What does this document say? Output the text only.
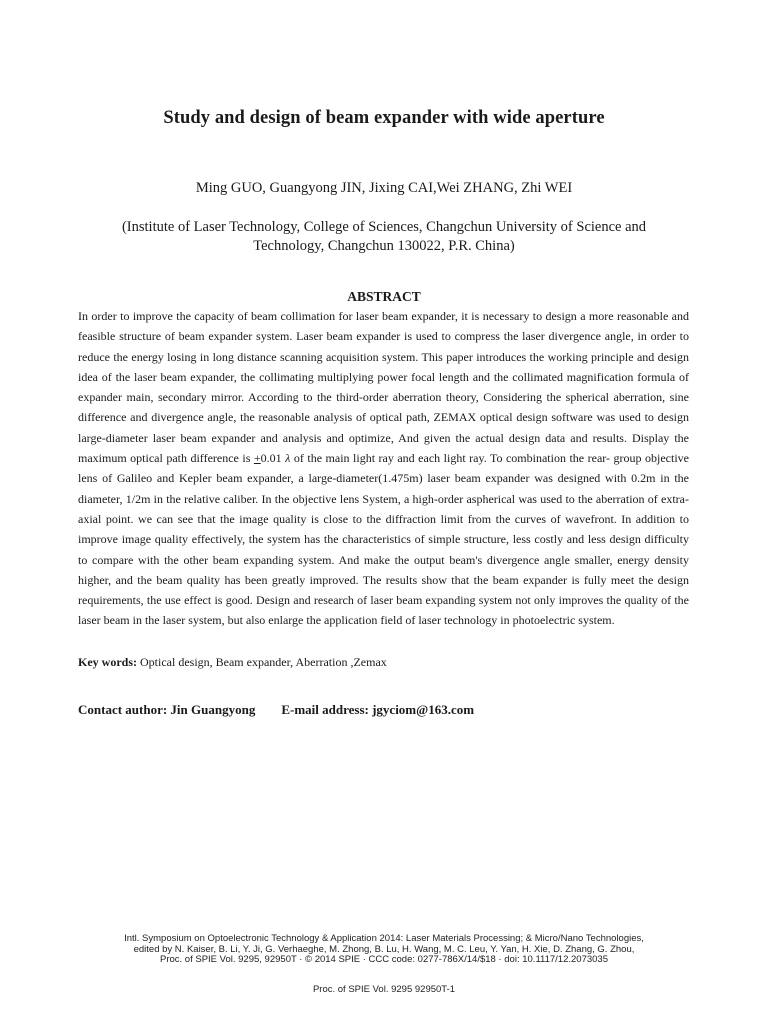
Study and design of beam expander with wide aperture
Ming GUO, Guangyong JIN, Jixing CAI,Wei ZHANG, Zhi WEI
(Institute of Laser Technology, College of Sciences, Changchun University of Science and Technology, Changchun 130022, P.R. China)
ABSTRACT
In order to improve the capacity of beam collimation for laser beam expander, it is necessary to design a more reasonable and feasible structure of beam expander system. Laser beam expander is used to compress the laser divergence angle, in order to reduce the energy losing in long distance scanning acquisition system. This paper introduces the working principle and design idea of the laser beam expander, the collimating multiplying power focal length and the collimated magnification formula of expander main, secondary mirror. According to the third-order aberration theory, Considering the spherical aberration, sine difference and divergence angle, the reasonable analysis of optical path, ZEMAX optical design software was used to design large-diameter laser beam expander and analysis and optimize, And given the actual design data and results. Display the maximum optical path difference is +0.01 λ of the main light ray and each light ray. To combination the rear- group objective lens of Galileo and Kepler beam expander, a large-diameter(1.475m) laser beam expander was designed with 0.2m in the diameter, 1/2m in the relative caliber. In the objective lens System, a high-order aspherical was used to the aberration of extra-axial point. we can see that the image quality is close to the diffraction limit from the curves of wavefront. In addition to improve image quality effectively, the system has the characteristics of simple structure, less costly and less design difficulty to compare with the other beam expanding system. And make the output beam's divergence angle smaller, energy density higher, and the beam quality has been greatly improved. The results show that the beam expander is fully meet the design requirements, the use effect is good. Design and research of laser beam expanding system not only improves the quality of the laser beam in the laser system, but also enlarge the application field of laser technology in photoelectric system.
Key words: Optical design, Beam expander, Aberration ,Zemax
Contact author: Jin Guangyong E-mail address: jgyciom@163.com
Intl. Symposium on Optoelectronic Technology & Application 2014: Laser Materials Processing; & Micro/Nano Technologies,
edited by N. Kaiser, B. Li, Y. Ji, G. Verhaeghe, M. Zhong, B. Lu, H. Wang, M. C. Leu, Y. Yan, H. Xie, D. Zhang, G. Zhou,
Proc. of SPIE Vol. 9295, 92950T · © 2014 SPIE · CCC code: 0277-786X/14/$18 · doi: 10.1117/12.2073035
Proc. of SPIE Vol. 9295 92950T-1
